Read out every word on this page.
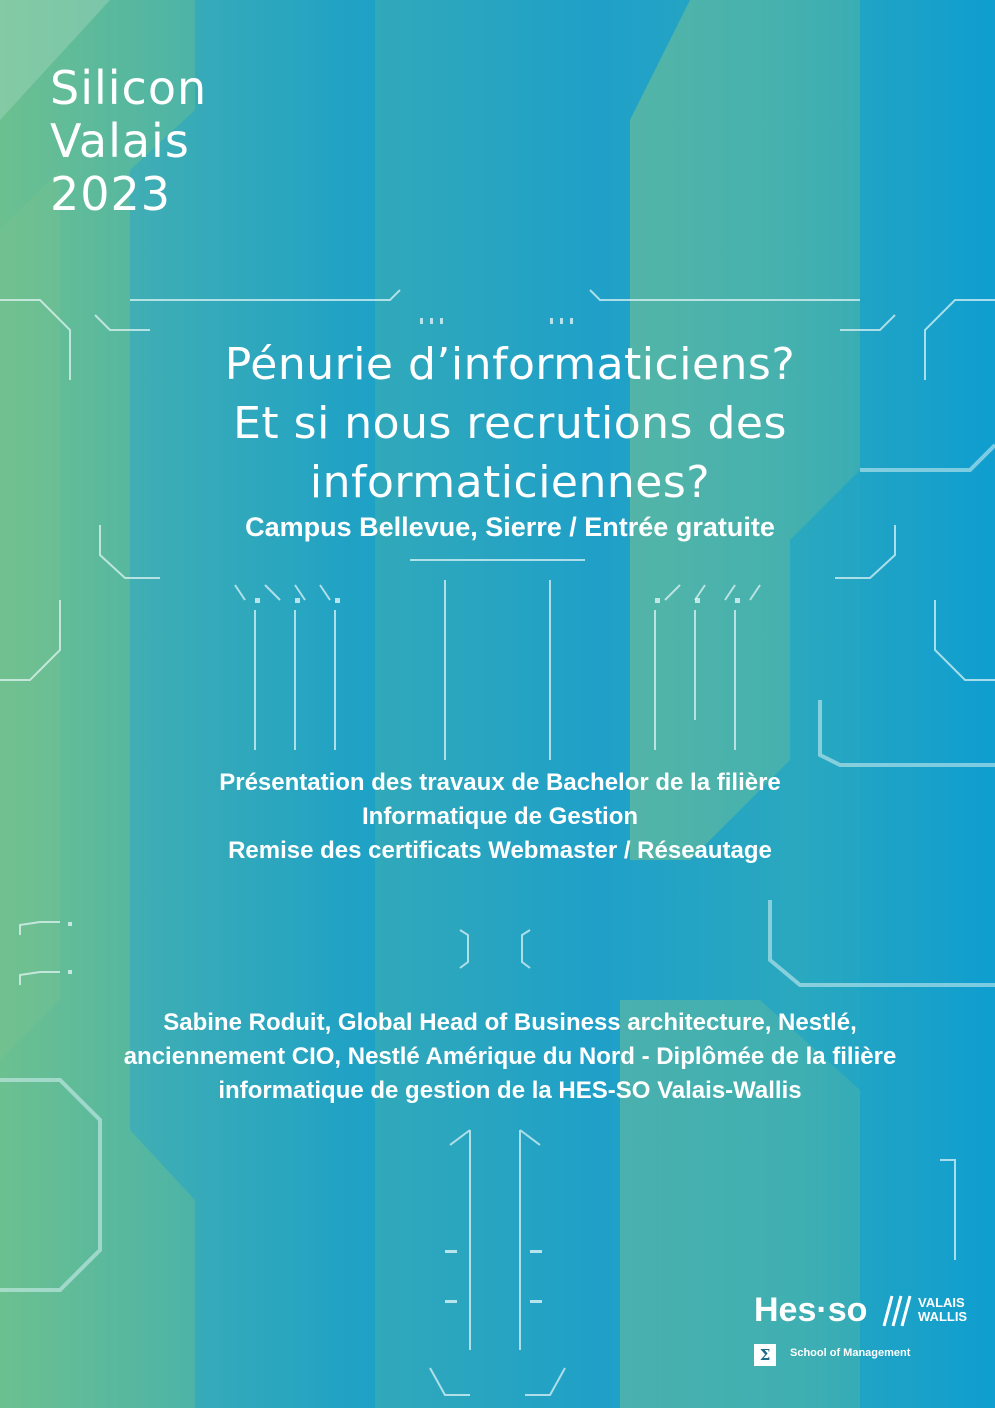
Silicon
Valais
2023
Pénurie d’informaticiens?
Et si nous recrutions des
informaticiennes?
Campus Bellevue, Sierre / Entrée gratuite
Présentation des travaux de Bachelor de la filière
Informatique de Gestion
Remise des certificats Webmaster / Réseautage
Sabine Roduit, Global Head of Business architecture, Nestlé,
anciennement CIO, Nestlé Amérique du Nord - Diplômée de la filière
informatique de gestion de la HES-SO Valais-Wallis
Hes·so	VALAIS
WALLIS
Σ	School of Management
